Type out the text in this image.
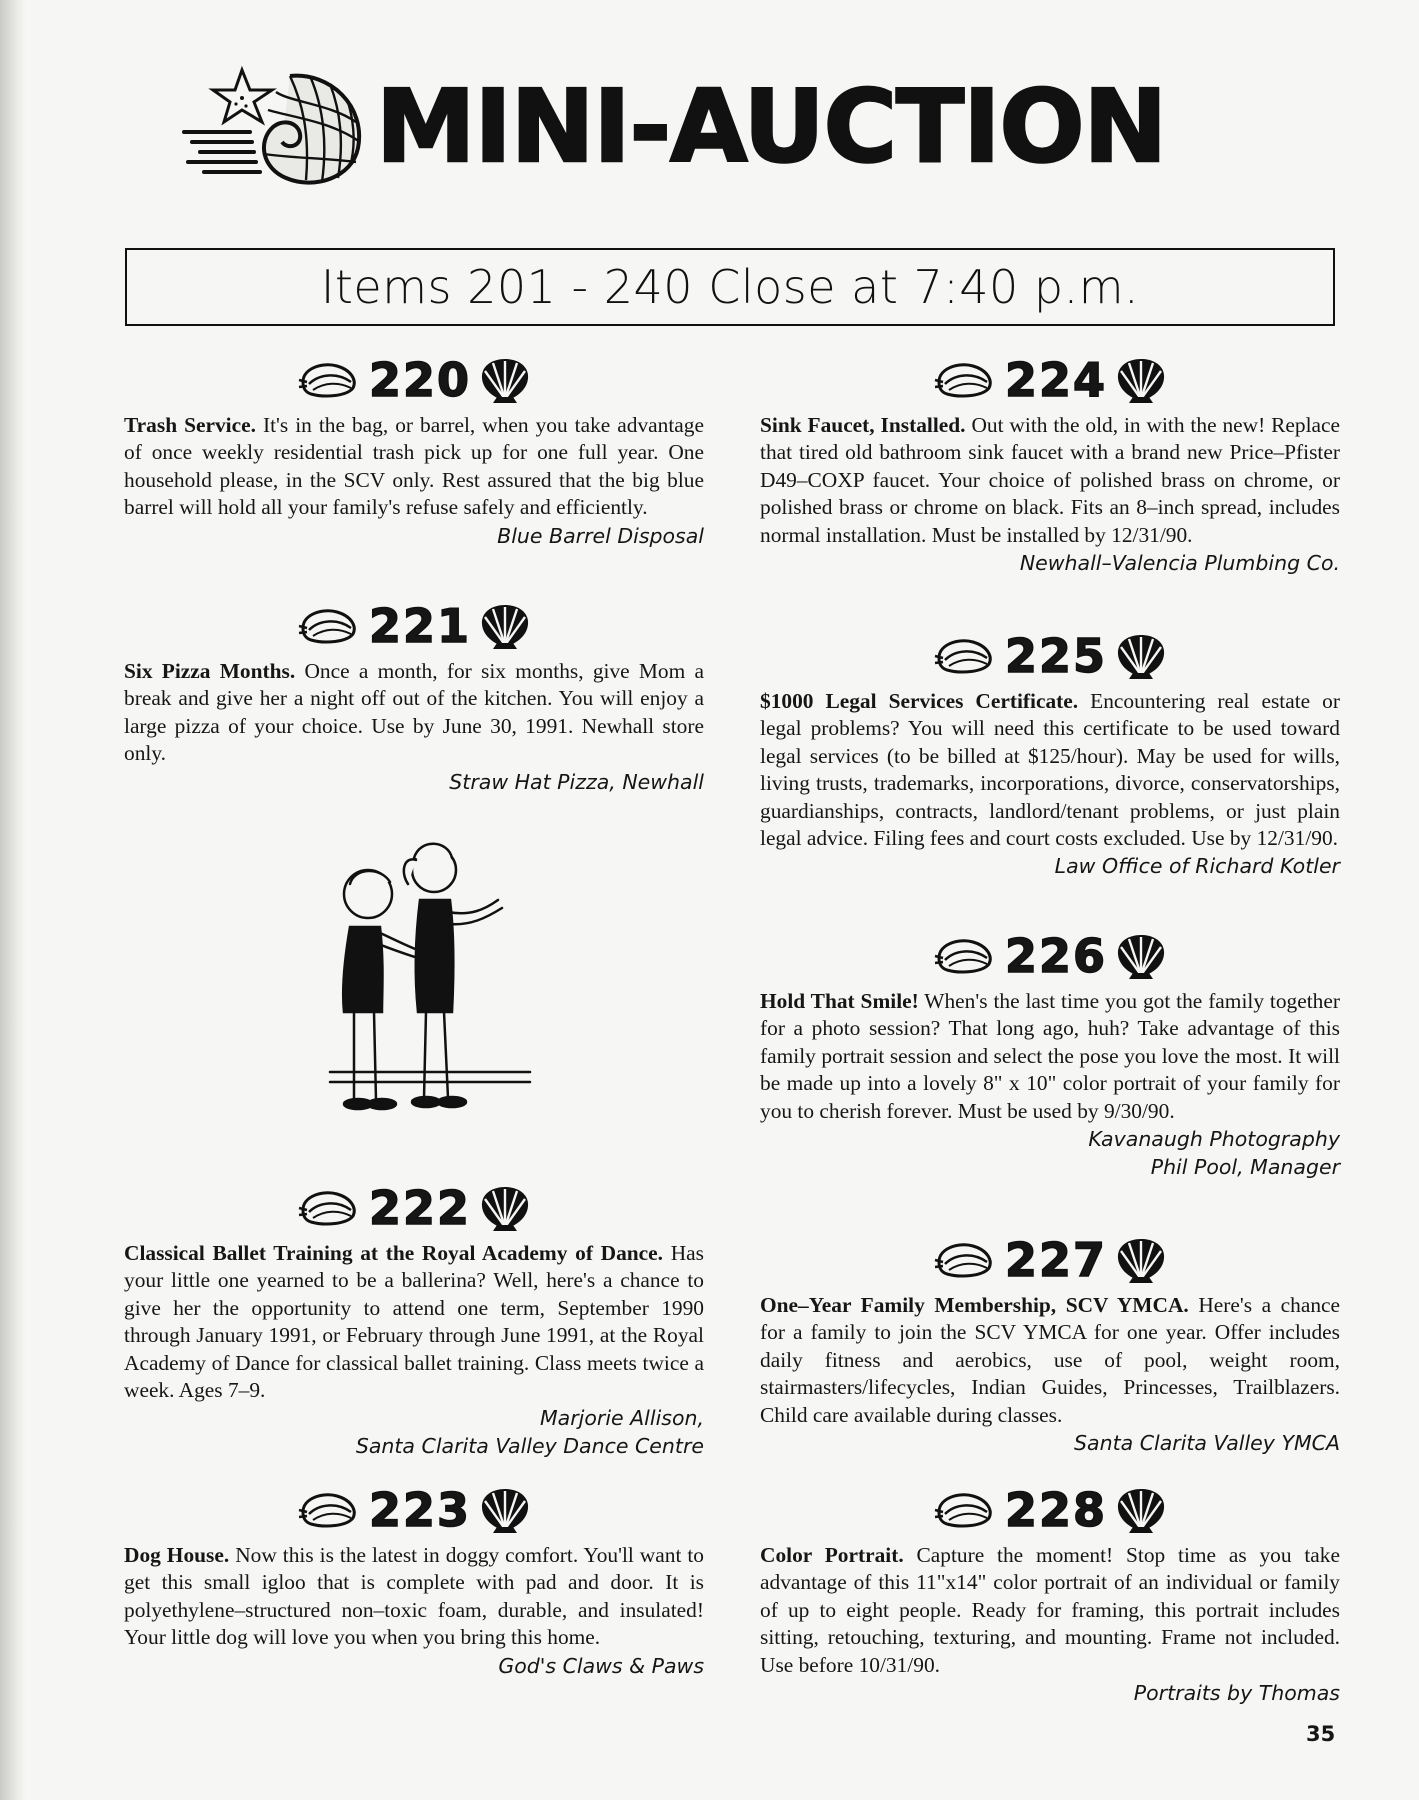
MINI-AUCTION
Items 201 - 240 Close at 7:40 p.m.
220

Trash Service. It's in the bag, or barrel, when you take advantage of once weekly residential trash pick up for one full year. One household please, in the SCV only. Rest assured that the big blue barrel will hold all your family's refuse safely and efficiently.

Blue Barrel Disposal

221

Six Pizza Months. Once a month, for six months, give Mom a break and give her a night off out of the kitchen. You will enjoy a large pizza of your choice. Use by June 30, 1991. Newhall store only.

Straw Hat Pizza, Newhall

222

Classical Ballet Training at the Royal Academy of Dance. Has your little one yearned to be a ballerina? Well, here's a chance to give her the opportunity to attend one term, September 1990 through January 1991, or February through June 1991, at the Royal Academy of Dance for classical ballet training. Class meets twice a week. Ages 7–9.

Marjorie Allison,

Santa Clarita Valley Dance Centre

223

Dog House. Now this is the latest in doggy comfort. You'll want to get this small igloo that is complete with pad and door. It is polyethylene–structured non–toxic foam, durable, and insulated! Your little dog will love you when you bring this home.

God's Claws & Paws

224

Sink Faucet, Installed. Out with the old, in with the new! Replace that tired old bathroom sink faucet with a brand new Price–Pfister D49–COXP faucet. Your choice of polished brass on chrome, or polished brass or chrome on black. Fits an 8–inch spread, includes normal installation. Must be installed by 12/31/90.

Newhall–Valencia Plumbing Co.

225

$1000 Legal Services Certificate. Encountering real estate or legal problems? You will need this certificate to be used toward legal services (to be billed at $125/hour). May be used for wills, living trusts, trademarks, incorporations, divorce, conservatorships, guardianships, contracts, landlord/tenant problems, or just plain legal advice. Filing fees and court costs excluded. Use by 12/31/90.

Law Office of Richard Kotler

226

Hold That Smile! When's the last time you got the family together for a photo session? That long ago, huh? Take advantage of this family portrait session and select the pose you love the most. It will be made up into a lovely 8" x 10" color portrait of your family for you to cherish forever. Must be used by 9/30/90.

Kavanaugh Photography

Phil Pool, Manager

227

One–Year Family Membership, SCV YMCA. Here's a chance for a family to join the SCV YMCA for one year. Offer includes daily fitness and aerobics, use of pool, weight room, stairmasters/lifecycles, Indian Guides, Princesses, Trailblazers. Child care available during classes.

Santa Clarita Valley YMCA

228

Color Portrait. Capture the moment! Stop time as you take advantage of this 11"x14" color portrait of an individual or family of up to eight people. Ready for framing, this portrait includes sitting, retouching, texturing, and mounting. Frame not included. Use before 10/31/90.

Portraits by Thomas

35
